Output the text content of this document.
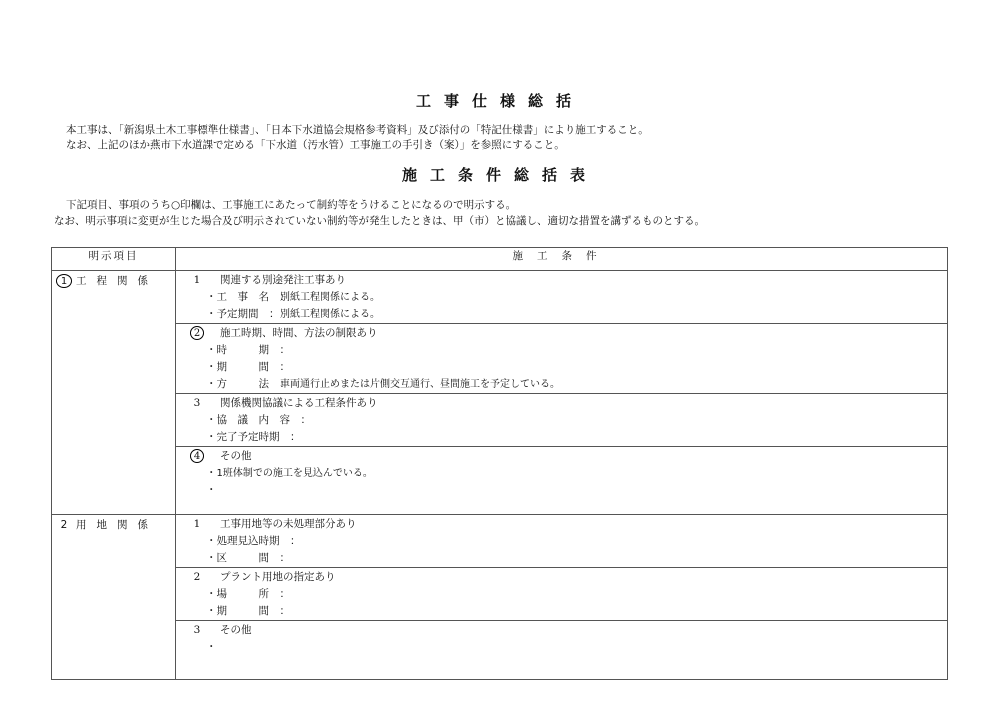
工事仕様総括
本工事は、「新潟県土木工事標準仕様書」、「日本下水道協会規格参考資料」及び添付の「特記仕様書」により施工すること。
なお、上記のほか燕市下水道課で定める「下水道（汚水管）工事施工の手引き（案）」を参照にすること。
施工条件総括表
下記項目、事項のうち○印欄は、工事施工にあたって制約等をうけることになるので明示する。
なお、明示事項に変更が生じた場合及び明示されていない制約等が発生したときは、甲（市）と協議し、適切な措置を講ずるものとする。
明示項目	施工条件

1 工程関係	1 関連する別途発注工事あり
・工　事　名　：別紙工程関係による。
・予定期間　：別紙工程関係による。

	2 施工時期、時間、方法の制限あり
・時　　　期　：
・期　　　間　：
・方　　　法　：車両通行止めまたは片側交互通行、昼間施工を予定している。

	3 関係機関協議による工程条件あり
・協　議　内　容　：
・完了予定時期　：

	4 その他
・1班体制での施工を見込んでいる。
・

2 用地関係	1 工事用地等の未処理部分あり
・処理見込時期　：
・区　　　間　：

	2 プラント用地の指定あり
・場　　　所　：
・期　　　間　：

	3 その他
・
